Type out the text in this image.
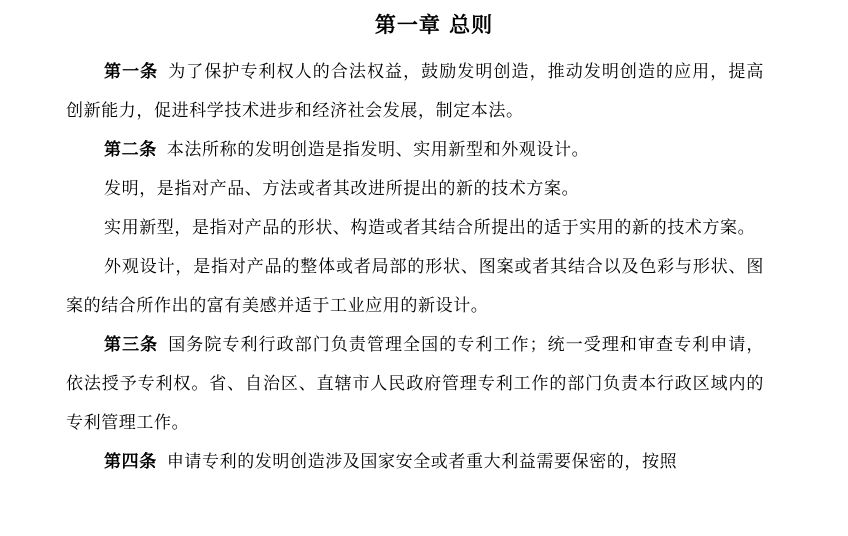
第一章 总则

第一条 为了保护专利权人的合法权益，鼓励发明创造，推动发明创造的应用，提高创新能力，促进科学技术进步和经济社会发展，制定本法。

第二条 本法所称的发明创造是指发明、实用新型和外观设计。

发明，是指对产品、方法或者其改进所提出的新的技术方案。

实用新型，是指对产品的形状、构造或者其结合所提出的适于实用的新的技术方案。

外观设计，是指对产品的整体或者局部的形状、图案或者其结合以及色彩与形状、图案的结合所作出的富有美感并适于工业应用的新设计。

第三条 国务院专利行政部门负责管理全国的专利工作；统一受理和审查专利申请，依法授予专利权。省、自治区、直辖市人民政府管理专利工作的部门负责本行政区域内的专利管理工作。

第四条 申请专利的发明创造涉及国家安全或者重大利益需要保密的，按照
